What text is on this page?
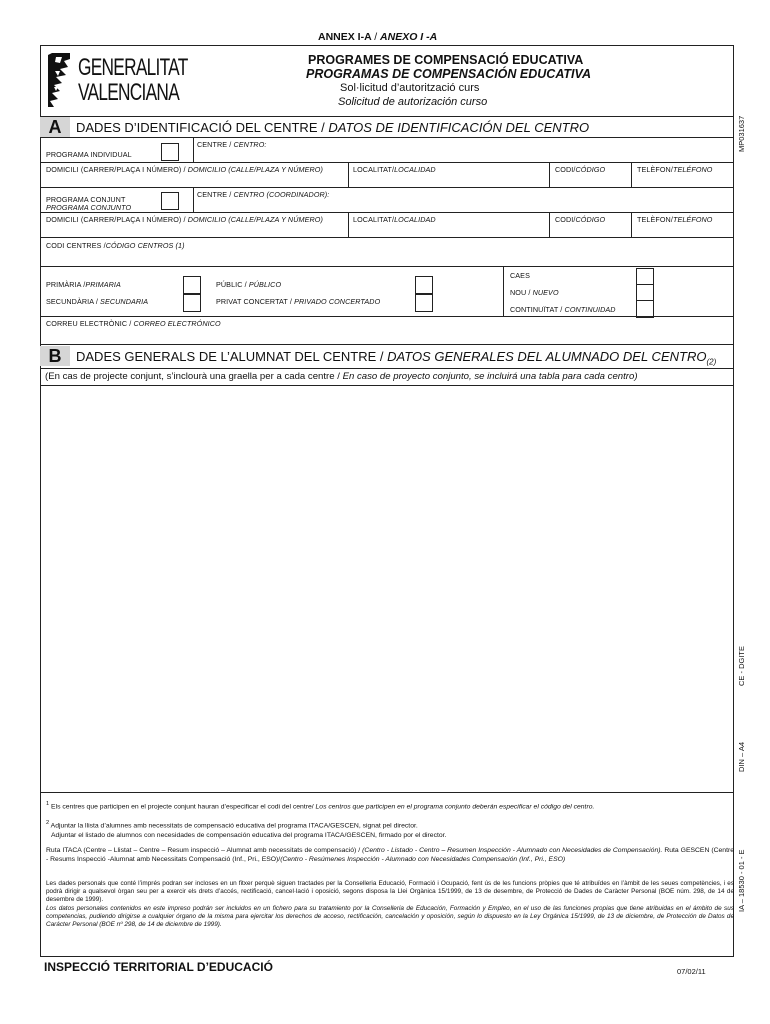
ANNEX I-A / ANEXO I -A
GENERALITAT
VALENCIANA
PROGRAMES DE COMPENSACIÓ EDUCATIVA
PROGRAMAS DE COMPENSACIÓN EDUCATIVA
Sol·licitud d’autorització curs
Solicitud de autorización curso
A	DADES D’IDENTIFICACIÓ DEL CENTRE / DATOS DE IDENTIFICACIÓN DEL CENTRO
CENTRE / CENTRO:
PROGRAMA INDIVIDUAL
DOMICILI (CARRER/PLAÇA I NÚMERO) / DOMICILIO (CALLE/PLAZA Y NÚMERO)	LOCALITAT/LOCALIDAD	CODI/CÓDIGO	TELÈFON/TELÉFONO
CENTRE / CENTRO (COORDINADOR):
PROGRAMA CONJUNT
PROGRAMA CONJUNTO
DOMICILI (CARRER/PLAÇA I NÚMERO) / DOMICILIO (CALLE/PLAZA Y NÚMERO)	LOCALITAT/LOCALIDAD	CODI/CÓDIGO	TELÈFON/TELÉFONO
CODI CENTRES /CÓDIGO CENTROS (1)
PRIMÀRIA /PRIMARIA
SECUNDÀRIA / SECUNDARIA
PÚBLIC / PÚBLICO
PRIVAT CONCERTAT / PRIVADO CONCERTADO
CAES
NOU / NUEVO
CONTINUÏTAT / CONTINUIDAD
CORREU ELECTRÒNIC / CORREO ELECTRÓNICO
B	DADES GENERALS DE L’ALUMNAT DEL CENTRE / DATOS GENERALES DEL ALUMNADO DEL $CENTRO_{(2)}$
(En cas de projecte conjunt, s’inclourà una graella per a cada centre / En caso de proyecto conjunto, se incluirá una tabla para cada centro)
$^1$ Els centres que participen en el projecte conjunt hauran d’especificar el codi del centre/ Los centros que participen en el programa conjunto deberán especificar el código del centro.
$^2$ Adjuntar la llista d’alumnes amb necessitats de compensació educativa del programa ITACA/GESCEN, signat pel director.
Adjuntar el listado de alumnos con necesidades de compensación educativa del programa ITACA/GESCEN, firmado por el director.
Ruta ITACA (Centre – Llistat – Centre – Resum inspecció – Alumnat amb necessitats de compensació) / (Centro - Listado - Centro – Resumen Inspección - Alumnado con Necesidades de Compensación). Ruta GESCEN (Centre - Resums Inspecció -Alumnat amb Necessitats Compensació (Inf., Pri., ESO)/(Centro - Resúmenes Inspección - Alumnado con Necesidades Compensación (Inf., Pri., ESO)
Les dades personals que conté l’imprés podran ser incloses en un fitxer perquè siguen tractades per la Conselleria Educació, Formació i Ocupació, fent ús de les funcions pròpies que té atribuïdes en l’àmbit de les seues competències, i es podrà dirigir a qualsevol òrgan seu per a exercir els drets d’accés, rectificació, cancel·lació i oposició, segons disposa la Llei Orgànica 15/1999, de 13 de desembre, de Protecció de Dades de Caràcter Personal (BOE núm. 298, de 14 de desembre de 1999).
Los datos personales contenidos en este impreso podrán ser incluidos en un fichero para su tratamiento por la Conselleria de Educación, Formación y Empleo, en el uso de las funciones propias que tiene atribuidas en el ámbito de sus competencias, pudiendo dirigirse a cualquier órgano de la misma para ejercitar los derechos de acceso, rectificación, cancelación y oposición, según lo dispuesto en la Ley Orgánica 15/1999, de 13 de diciembre, de Protección de Datos de Carácter Personal (BOE nº 298, de 14 de diciembre de 1999).
INSPECCIÓ TERRITORIAL D’EDUCACIÓ	07/02/11
MP031637
CE - DGITE
DIN – A4
IA – 18530 - 01 - E
